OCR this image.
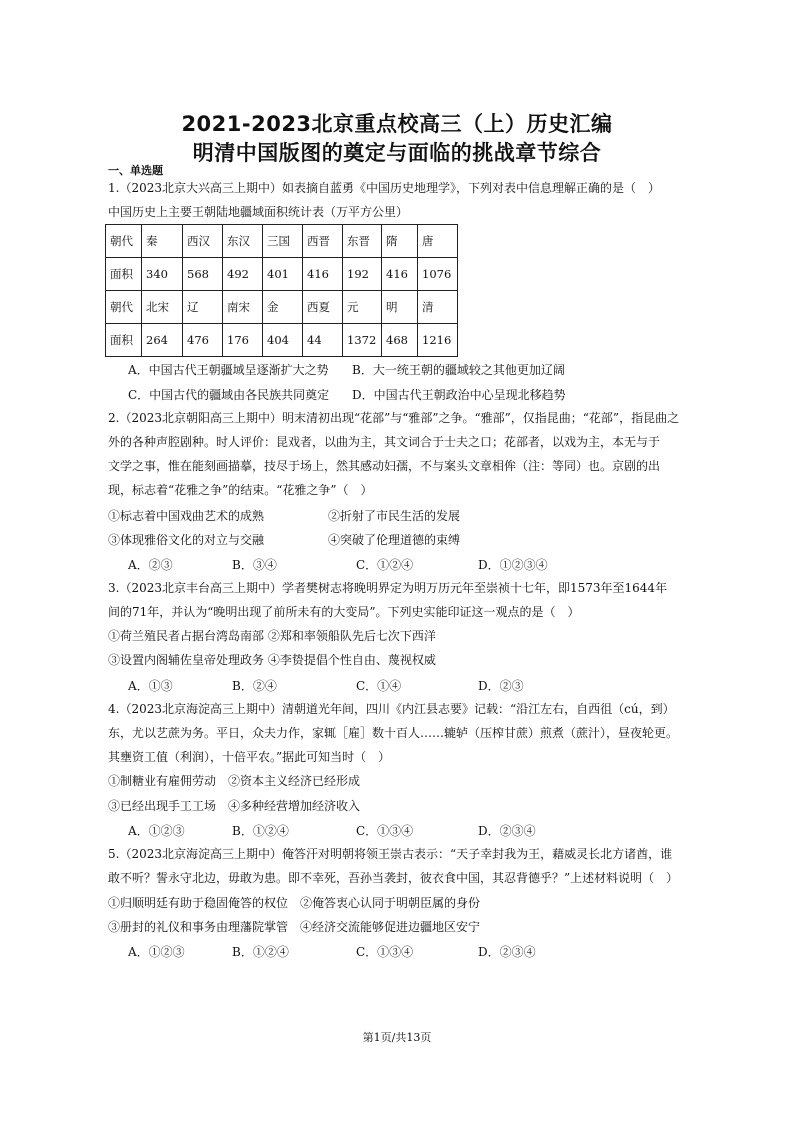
2021-2023北京重点校高三（上）历史汇编
明清中国版图的奠定与面临的挑战章节综合
一、单选题
1.（2023北京大兴高三上期中）如表摘自蓝勇《中国历史地理学》，下列对表中信息理解正确的是（　）
中国历史上主要王朝陆地疆域面积统计表（万平方公里）
朝代	秦	西汉	东汉	三国	西晋	东晋	隋	唐
面积	340	568	492	401	416	192	416	1076
朝代	北宋	辽	南宋	金	西夏	元	明	清
面积	264	476	176	404	44	1372	468	1216
A．中国古代王朝疆域呈逐渐扩大之势 B．大一统王朝的疆域较之其他更加辽阔
C．中国古代的疆域由各民族共同奠定 D．中国古代王朝政治中心呈现北移趋势
2.（2023北京朝阳高三上期中）明末清初出现“花部”与“雅部”之争。“雅部”，仅指昆曲；“花部”，指昆曲之
外的各种声腔剧种。时人评价：昆戏者，以曲为主，其文词合于士夫之口；花部者，以戏为主，本无与于
文学之事，惟在能刻画描摹，技尽于场上，然其感动妇孺，不与案头文章相侔（注：等同）也。京剧的出
现，标志着“花雅之争”的结束。“花雅之争”（　）
①标志着中国戏曲艺术的成熟	②折射了市民生活的发展
③体现雅俗文化的对立与交融	④突破了伦理道德的束缚
A．②③	B．③④	C．①②④	D．①②③④
3.（2023北京丰台高三上期中）学者樊树志将晚明界定为明万历元年至崇祯十七年，即1573年至1644年
间的71年，并认为“晚明出现了前所未有的大变局”。下列史实能印证这一观点的是（　）
①荷兰殖民者占据台湾岛南部 ②郑和率领船队先后七次下西洋
③设置内阁辅佐皇帝处理政务 ④李贽提倡个性自由、蔑视权威
A．①③	B．②④	C．①④	D．②③
4.（2023北京海淀高三上期中）清朝道光年间，四川《内江县志要》记载：“沿江左右，自西徂（cú，到）
东，尤以艺蔗为务。平日，众夫力作，家辄［雇］数十百人……辘轳（压榨甘蔗）煎煮（蔗汁），昼夜轮更。
其壅资工值（利润），十倍平农。”据此可知当时（　）
①制糖业有雇佣劳动　②资本主义经济已经形成
③已经出现手工工场　④多种经营增加经济收入
A．①②③	B．①②④	C．①③④	D．②③④
5.（2023北京海淀高三上期中）俺答汗对明朝将领王崇古表示：“天子幸封我为王，藉威灵长北方诸酋，谁
敢不听？誓永守北边，毋敢为患。即不幸死，吾孙当袭封，彼衣食中国，其忍背德乎？”上述材料说明（　）
①归顺明廷有助于稳固俺答的权位　②俺答衷心认同于明朝臣属的身份
③册封的礼仪和事务由理藩院掌管　④经济交流能够促进边疆地区安宁
A．①②③	B．①②④	C．①③④	D．②③④
第1页/共13页
